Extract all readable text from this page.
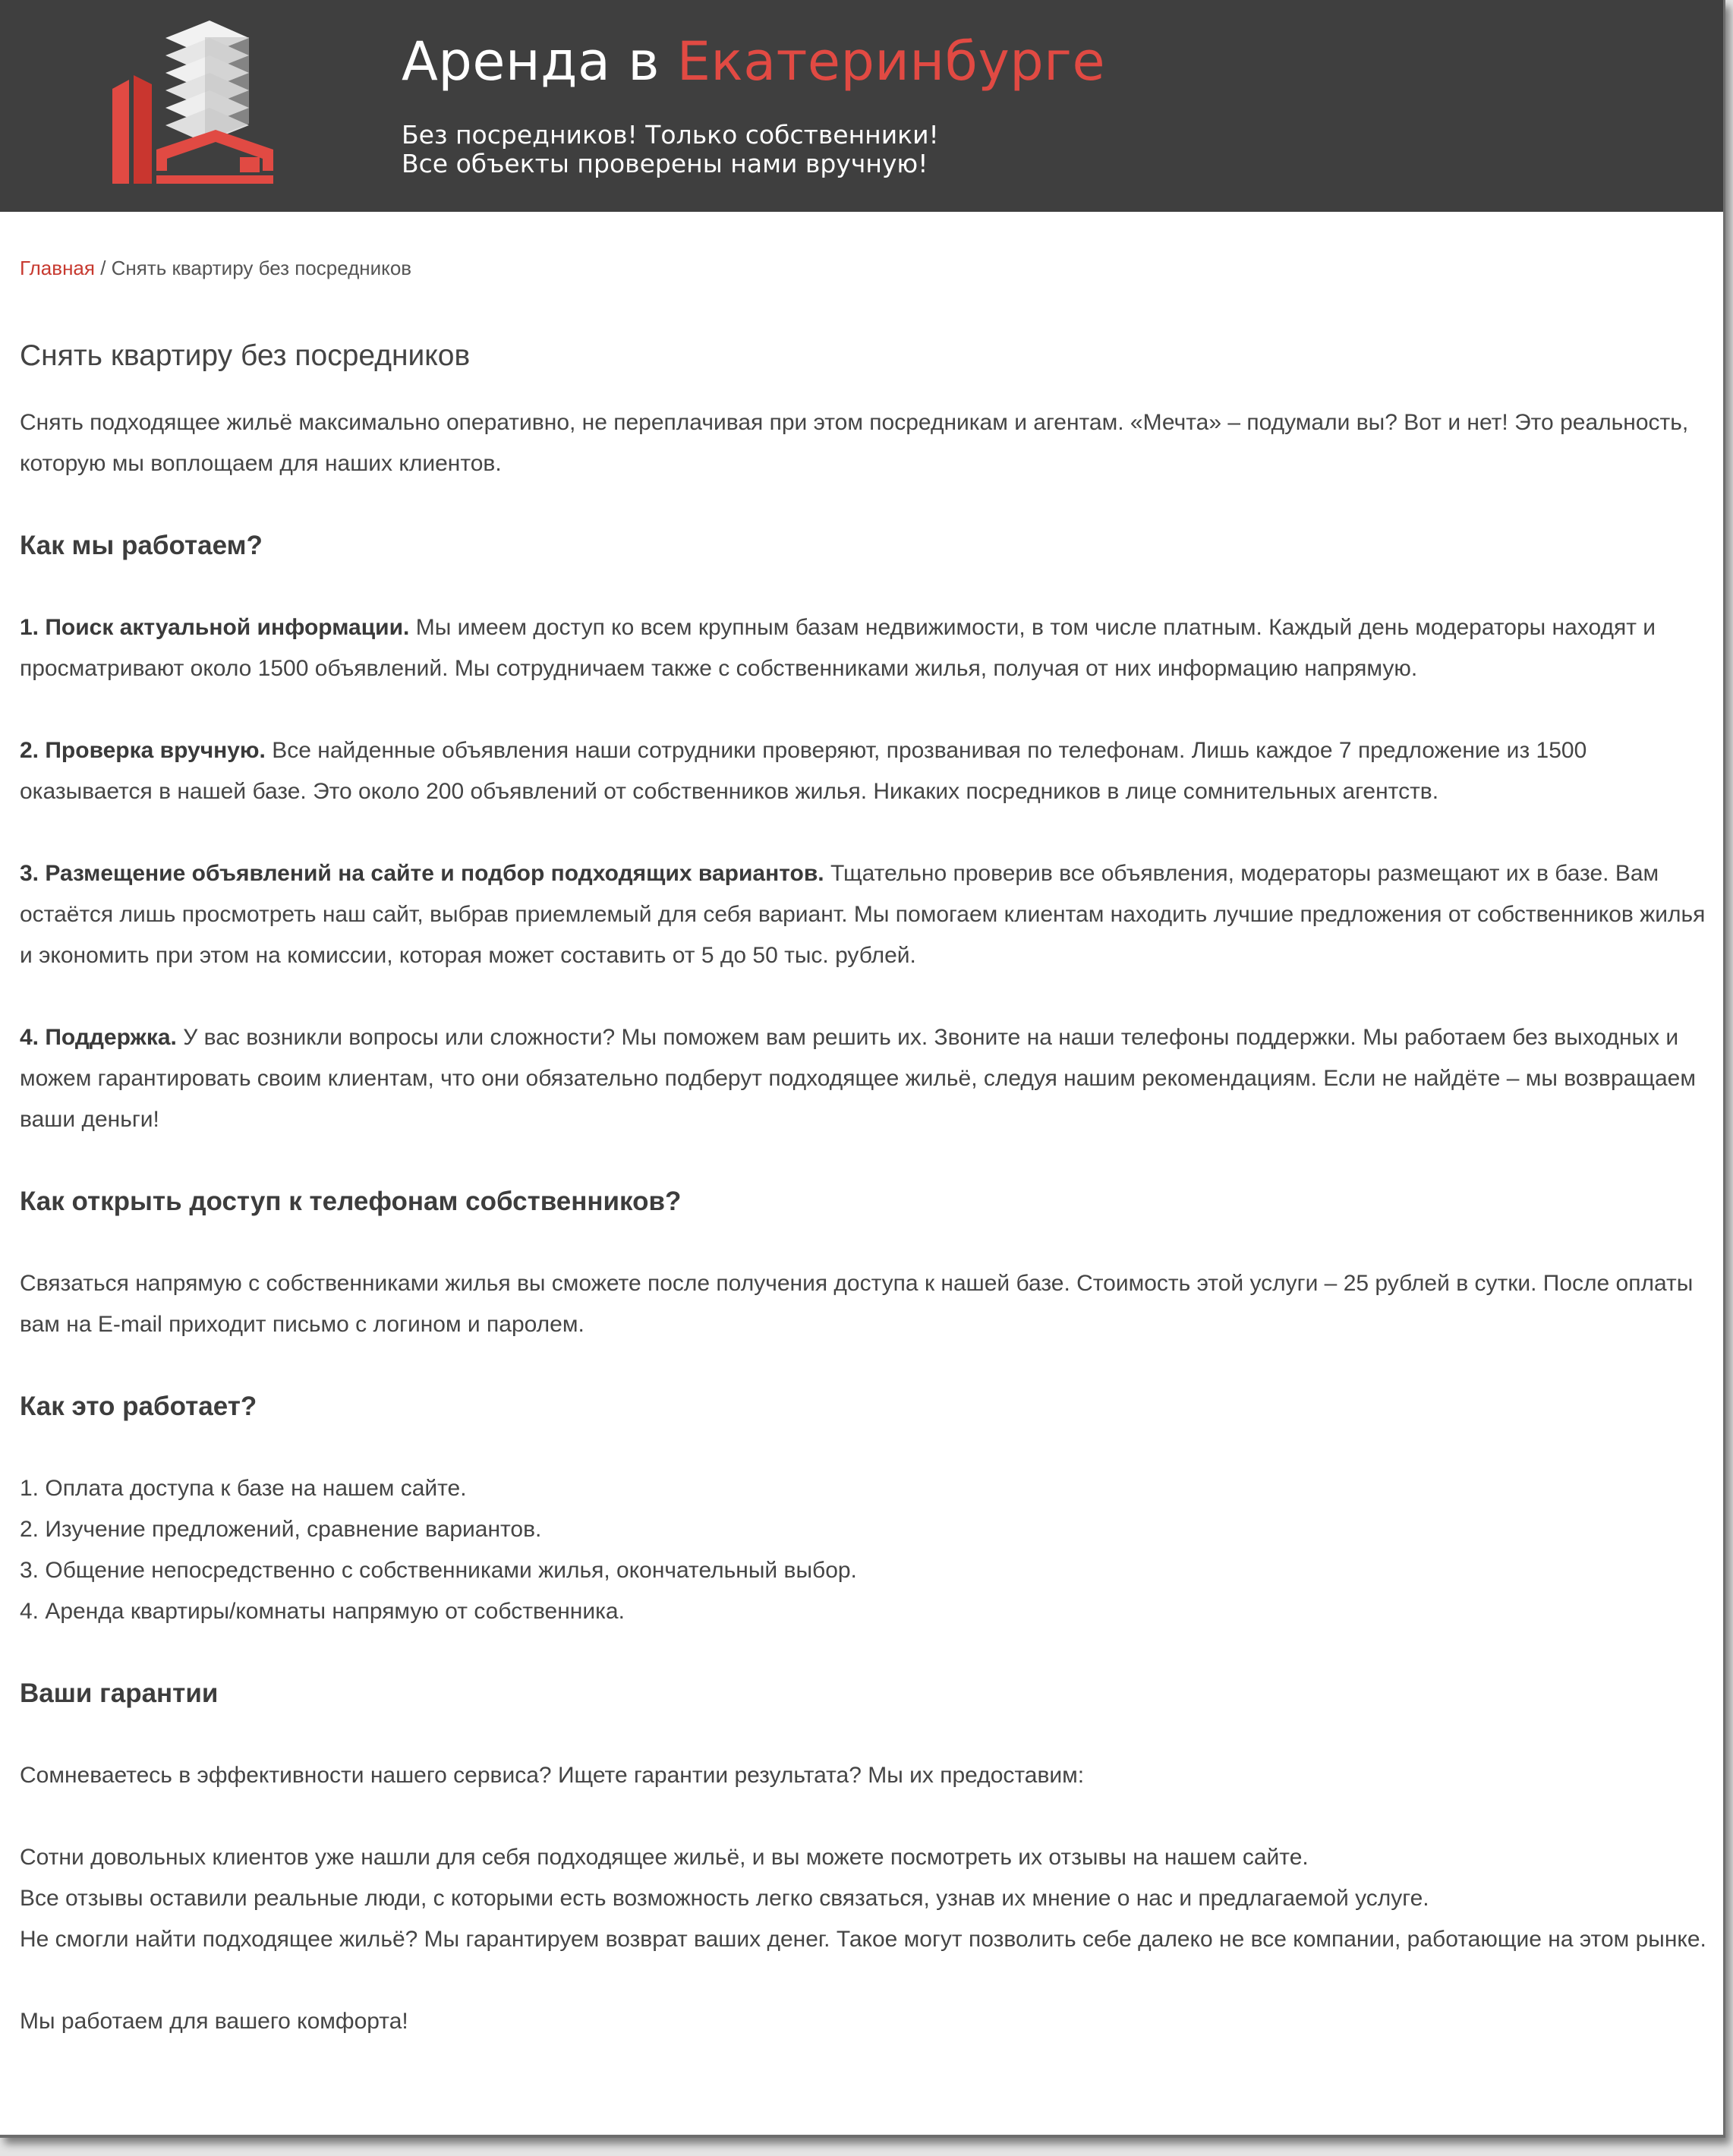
Аренда в Екатеринбурге
Без посредников! Только собственники!
Все объекты проверены нами вручную!
Главная / Снять квартиру без посредников
Снять квартиру без посредников

Снять подходящее жильё максимально оперативно, не переплачивая при этом посредникам и агентам. «Мечта» – подумали вы? Вот и нет! Это реальность, которую мы воплощаем для наших клиентов.

Как мы работаем?

1. Поиск актуальной информации. Мы имеем доступ ко всем крупным базам недвижимости, в том числе платным. Каждый день модераторы находят и просматривают около 1500 объявлений. Мы сотрудничаем также с собственниками жилья, получая от них информацию напрямую.

2. Проверка вручную. Все найденные объявления наши сотрудники проверяют, прозванивая по телефонам. Лишь каждое 7 предложение из 1500 оказывается в нашей базе. Это около 200 объявлений от собственников жилья. Никаких посредников в лице сомнительных агентств.

3. Размещение объявлений на сайте и подбор подходящих вариантов. Тщательно проверив все объявления, модераторы размещают их в базе. Вам остаётся лишь просмотреть наш сайт, выбрав приемлемый для себя вариант. Мы помогаем клиентам находить лучшие предложения от собственников жилья и экономить при этом на комиссии, которая может составить от 5 до 50 тыс. рублей.

4. Поддержка. У вас возникли вопросы или сложности? Мы поможем вам решить их. Звоните на наши телефоны поддержки. Мы работаем без выходных и можем гарантировать своим клиентам, что они обязательно подберут подходящее жильё, следуя нашим рекомендациям. Если не найдёте – мы возвращаем ваши деньги!

Как открыть доступ к телефонам собственников?

Связаться напрямую с собственниками жилья вы сможете после получения доступа к нашей базе. Стоимость этой услуги – 25 рублей в сутки. После оплаты вам на E-mail приходит письмо с логином и паролем.

Как это работает?

1. Оплата доступа к базе на нашем сайте.
2. Изучение предложений, сравнение вариантов.
3. Общение непосредственно с собственниками жилья, окончательный выбор.
4. Аренда квартиры/комнаты напрямую от собственника.

Ваши гарантии

Сомневаетесь в эффективности нашего сервиса? Ищете гарантии результата? Мы их предоставим:

Сотни довольных клиентов уже нашли для себя подходящее жильё, и вы можете посмотреть их отзывы на нашем сайте.
Все отзывы оставили реальные люди, с которыми есть возможность легко связаться, узнав их мнение о нас и предлагаемой услуге.
Не смогли найти подходящее жильё? Мы гарантируем возврат ваших денег. Такое могут позволить себе далеко не все компании, работающие на этом рынке.

Мы работаем для вашего комфорта!
